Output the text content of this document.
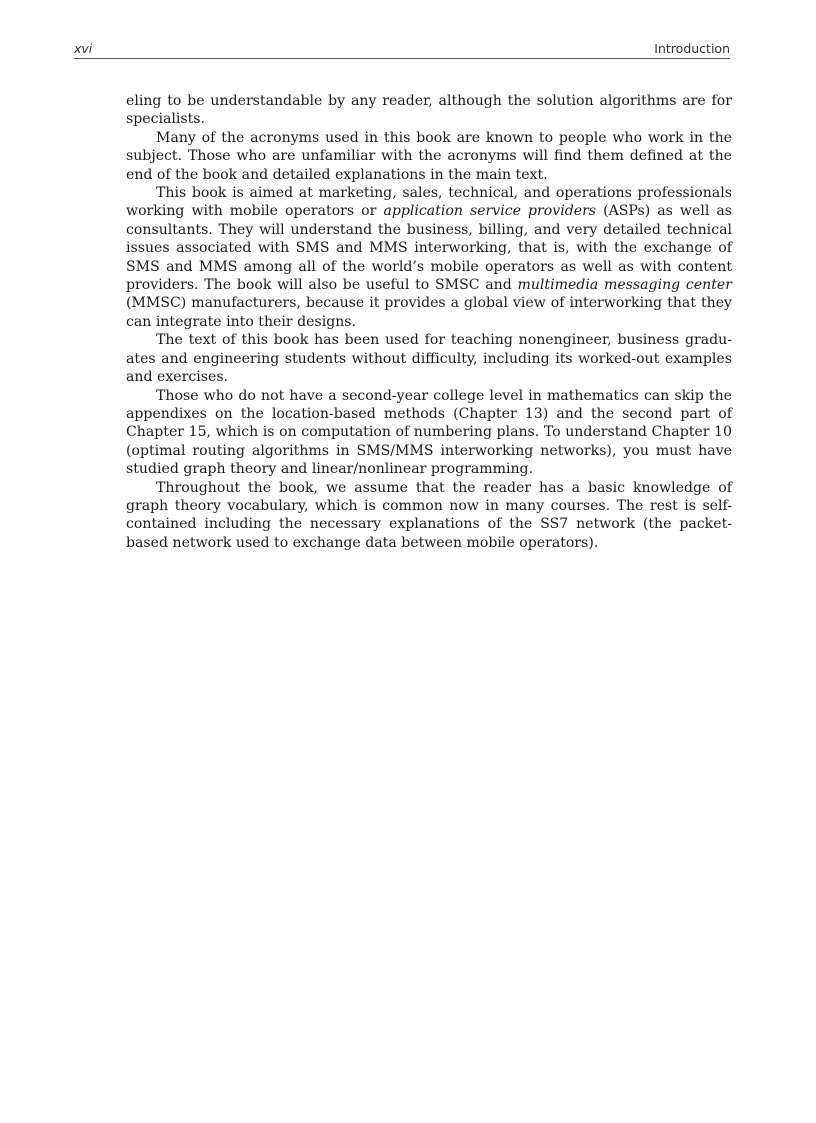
xvi	Introduction

eling to be understandable by any reader, although the solution algorithms are for specialists.

Many of the acronyms used in this book are known to people who work in the subject. Those who are unfamiliar with the acronyms will find them defined at the end of the book and detailed explanations in the main text.

This book is aimed at marketing, sales, technical, and operations professionals working with mobile operators or application service providers (ASPs) as well as consultants. They will understand the business, billing, and very detailed technical issues associated with SMS and MMS interworking, that is, with the exchange of SMS and MMS among all of the world’s mobile operators as well as with content providers. The book will also be useful to SMSC and multimedia messaging center (MMSC) manufacturers, because it provides a global view of interworking that they can integrate into their designs.

The text of this book has been used for teaching nonengineer, business graduates and engineering students without difficulty, including its worked-out examples and exercises.

Those who do not have a second-year college level in mathematics can skip the appendixes on the location-based methods (Chapter 13) and the second part of Chapter 15, which is on computation of numbering plans. To understand Chapter 10 (optimal routing algorithms in SMS/MMS interworking networks), you must have studied graph theory and linear/nonlinear programming.

Throughout the book, we assume that the reader has a basic knowledge of graph theory vocabulary, which is common now in many courses. The rest is self-contained including the necessary explanations of the SS7 network (the packet-based network used to exchange data between mobile operators).
